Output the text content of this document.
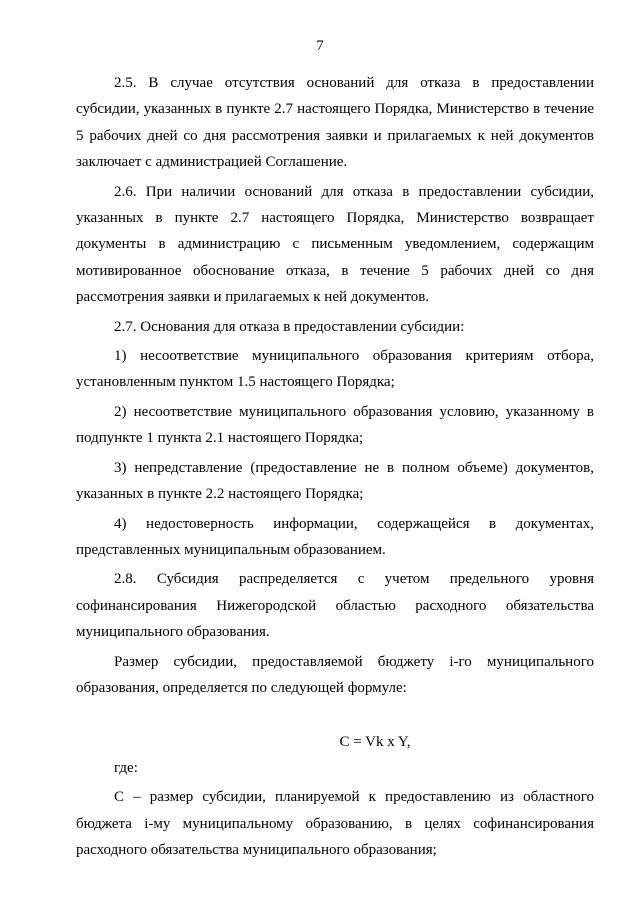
7

2.5. В случае отсутствия оснований для отказа в предоставлении субсидии, указанных в пункте 2.7 настоящего Порядка, Министерство в течение 5 рабочих дней со дня рассмотрения заявки и прилагаемых к ней документов заключает с администрацией Соглашение.

2.6. При наличии оснований для отказа в предоставлении субсидии, указанных в пункте 2.7 настоящего Порядка, Министерство возвращает документы в администрацию с письменным уведомлением, содержащим мотивированное обоснование отказа, в течение 5 рабочих дней со дня рассмотрения заявки и прилагаемых к ней документов.

2.7. Основания для отказа в предоставлении субсидии:

1) несоответствие муниципального образования критериям отбора, установленным пунктом 1.5 настоящего Порядка;

2) несоответствие муниципального образования условию, указанному в подпункте 1 пункта 2.1 настоящего Порядка;

3) непредставление (предоставление не в полном объеме) документов, указанных в пункте 2.2 настоящего Порядка;

4) недостоверность информации, содержащейся в документах, представленных муниципальным образованием.

2.8. Субсидия распределяется с учетом предельного уровня софинансирования Нижегородской областью расходного обязательства муниципального образования.

Размер субсидии, предоставляемой бюджету i-го муниципального образования, определяется по следующей формуле:

C = Vk x Y,

где:

C – размер субсидии, планируемой к предоставлению из областного бюджета i-му муниципальному образованию, в целях софинансирования расходного обязательства муниципального образования;
